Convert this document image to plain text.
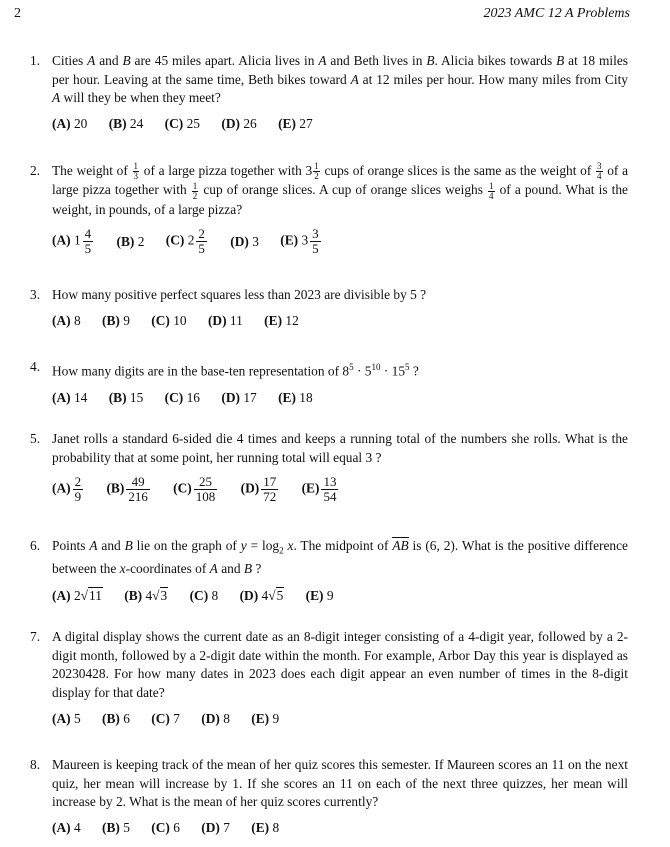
2	2023 AMC 12 A Problems

1. Cities A and B are 45 miles apart. Alicia lives in A and Beth lives in B. Alicia bikes towards B at 18 miles per hour. Leaving at the same time, Beth bikes toward A at 12 miles per hour. How many miles from City A will they be when they meet?

(A) 20 (B) 24 (C) 25 (D) 26 (E) 27

2. The weight of $\frac{1}{3}$ of a large pizza together with $3 \frac{1}{2}$ cups of orange slices is the same as the weight of $\frac{3}{4}$ of a large pizza together with $\frac{1}{2}$ cup of orange slices. A cup of orange slices weighs $\frac{1}{4}$ of a pound. What is the weight, in pounds, of a large pizza?

(A) $1 \frac{4}{5} (B)$ 2 (C) $2 \frac{2}{5} (D)$ 3 (E) $3 \frac{3}{5}$

3. How many positive perfect squares less than 2023 are divisible by 5 ?

(A) 8 (B) 9 (C) 10 (D) 11 (E) 12

4. How many digits are in the base-ten representation of $8^5 \cdot 5^{10} \cdot 15^5$ ?

(A) 14 (B) 15 (C) 16 (D) 17 (E) 18

5. Janet rolls a standard 6-sided die 4 times and keeps a running total of the numbers she rolls. What is the probability that at some point, her running total will equal 3 ?

$(A) \frac{2}{9} (B) \frac{49}{216} (C) \frac{25}{108} (D) \frac{17}{72} (E) \frac{13}{54}$

6. Points A and B lie on the graph of $y = \log_2 x$. The midpoint of AB is (6, 2). What is the positive difference between the x-coordinates of A and B ?

(A) 2√11 (B) 4√3 (C) 8 (D) 4√5 (E) 9

7. A digital display shows the current date as an 8-digit integer consisting of a 4-digit year, followed by a 2-digit month, followed by a 2-digit date within the month. For example, Arbor Day this year is displayed as 20230428. For how many dates in 2023 does each digit appear an even number of times in the 8-digit display for that date?

(A) 5 (B) 6 (C) 7 (D) 8 (E) 9

8. Maureen is keeping track of the mean of her quiz scores this semester. If Maureen scores an 11 on the next quiz, her mean will increase by 1. If she scores an 11 on each of the next three quizzes, her mean will increase by 2. What is the mean of her quiz scores currently?

(A) 4 (B) 5 (C) 6 (D) 7 (E) 8
